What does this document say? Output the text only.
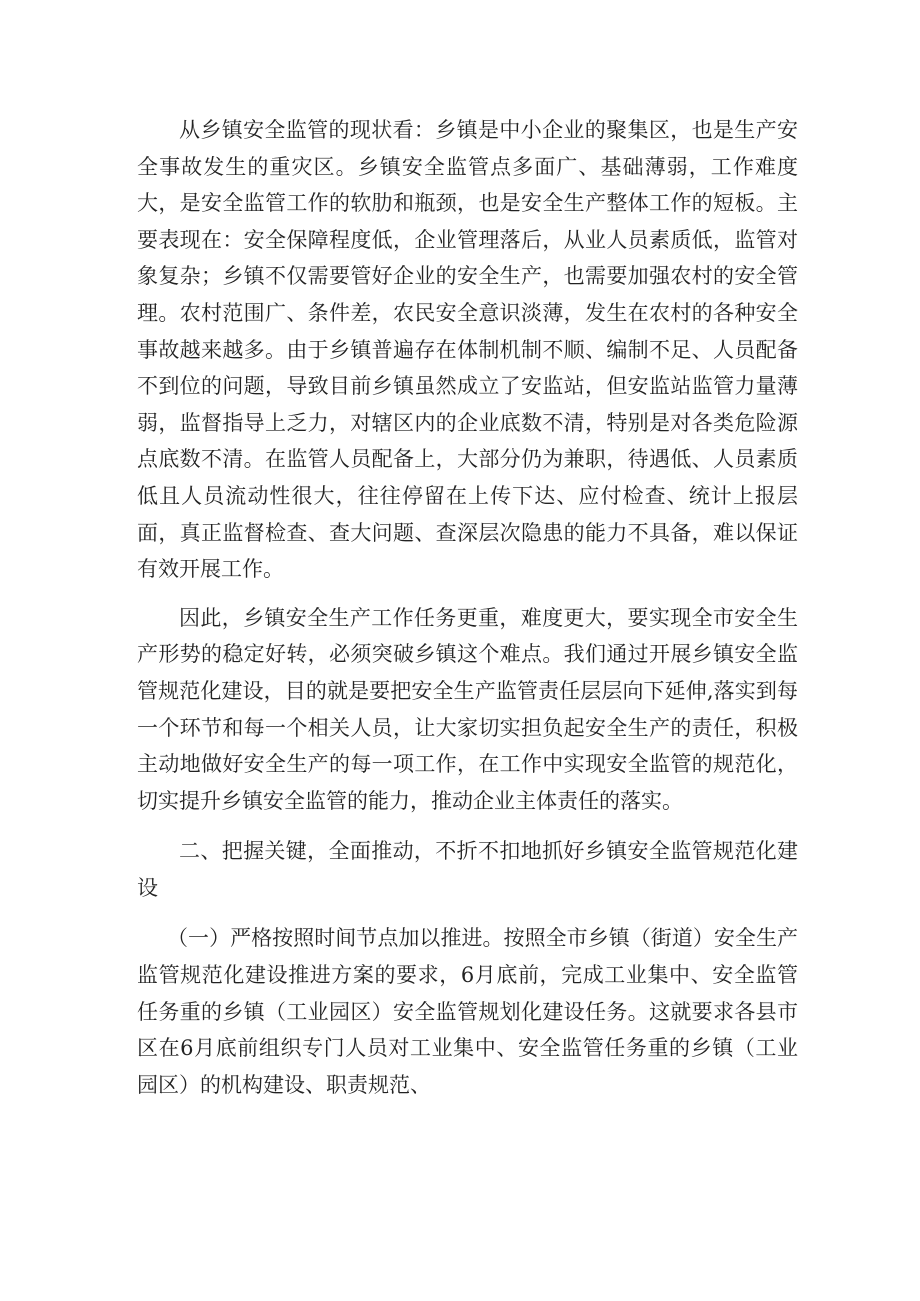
从乡镇安全监管的现状看：乡镇是中小企业的聚集区，也是生产安全事故发生的重灾区。乡镇安全监管点多面广、基础薄弱，工作难度大，是安全监管工作的软肋和瓶颈，也是安全生产整体工作的短板。主要表现在：安全保障程度低，企业管理落后，从业人员素质低，监管对象复杂；乡镇不仅需要管好企业的安全生产，也需要加强农村的安全管理。农村范围广、条件差，农民安全意识淡薄，发生在农村的各种安全事故越来越多。由于乡镇普遍存在体制机制不顺、编制不足、人员配备不到位的问题，导致目前乡镇虽然成立了安监站，但安监站监管力量薄弱，监督指导上乏力，对辖区内的企业底数不清，特别是对各类危险源点底数不清。在监管人员配备上，大部分仍为兼职，待遇低、人员素质低且人员流动性很大，往往停留在上传下达、应付检查、统计上报层面，真正监督检查、查大问题、查深层次隐患的能力不具备，难以保证有效开展工作。

因此，乡镇安全生产工作任务更重，难度更大，要实现全市安全生产形势的稳定好转，必须突破乡镇这个难点。我们通过开展乡镇安全监管规范化建设，目的就是要把安全生产监管责任层层向下延伸,落实到每一个环节和每一个相关人员，让大家切实担负起安全生产的责任，积极主动地做好安全生产的每一项工作，在工作中实现安全监管的规范化，切实提升乡镇安全监管的能力，推动企业主体责任的落实。

二、把握关键，全面推动，不折不扣地抓好乡镇安全监管规范化建设

（一）严格按照时间节点加以推进。按照全市乡镇（街道）安全生产监管规范化建设推进方案的要求，6月底前，完成工业集中、安全监管任务重的乡镇（工业园区）安全监管规划化建设任务。这就要求各县市区在6月底前组织专门人员对工业集中、安全监管任务重的乡镇（工业园区）的机构建设、职责规范、
